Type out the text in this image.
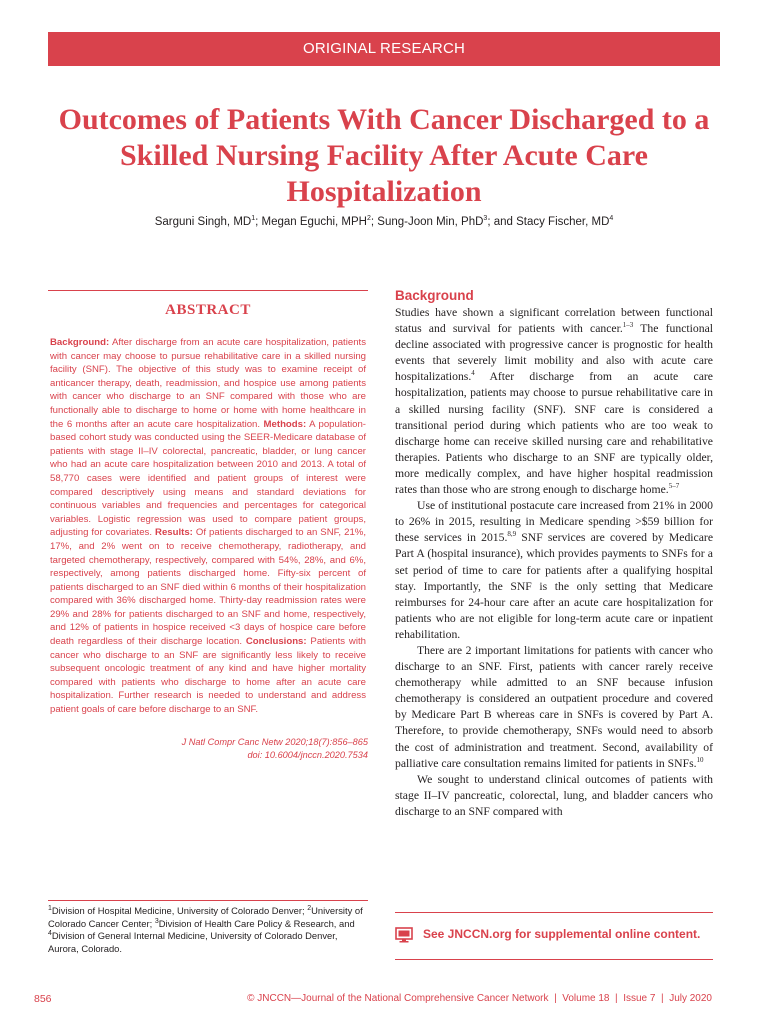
ORIGINAL RESEARCH
Outcomes of Patients With Cancer Discharged to a Skilled Nursing Facility After Acute Care Hospitalization
Sarguni Singh, $MD^1$; Megan Eguchi, MPH$^2$; Sung-Joon Min, PhD$^3$; and Stacy Fischer, $MD^4$
ABSTRACT
Background: After discharge from an acute care hospitalization, patients with cancer may choose to pursue rehabilitative care in a skilled nursing facility (SNF). The objective of this study was to examine receipt of anticancer therapy, death, readmission, and hospice use among patients with cancer who discharge to an SNF compared with those who are functionally able to discharge to home or home with home healthcare in the 6 months after an acute care hospitalization. Methods: A population-based cohort study was conducted using the SEER-Medicare database of patients with stage II–IV colorectal, pancreatic, bladder, or lung cancer who had an acute care hospitalization between 2010 and 2013. A total of 58,770 cases were identified and patient groups of interest were compared descriptively using means and standard deviations for continuous variables and frequencies and percentages for categorical variables. Logistic regression was used to compare patient groups, adjusting for covariates. Results: Of patients discharged to an SNF, 21%, 17%, and 2% went on to receive chemotherapy, radiotherapy, and targeted chemotherapy, respectively, compared with 54%, 28%, and 6%, respectively, among patients discharged home. Fifty-six percent of patients discharged to an SNF died within 6 months of their hospitalization compared with 36% discharged home. Thirty-day readmission rates were 29% and 28% for patients discharged to an SNF and home, respectively, and 12% of patients in hospice received <3 days of hospice care before death regardless of their discharge location. Conclusions: Patients with cancer who discharge to an SNF are significantly less likely to receive subsequent oncologic treatment of any kind and have higher mortality compared with patients who discharge to home after an acute care hospitalization. Further research is needed to understand and address patient goals of care before discharge to an SNF.
J Natl Compr Canc Netw 2020;18(7):856–865
doi: 10.6004/jnccn.2020.7534
$^1$Division of Hospital Medicine, University of Colorado Denver; $^2$University of Colorado Cancer Center; $^3$Division of Health Care Policy & Research, and $^4$Division of General Internal Medicine, University of Colorado Denver, Aurora, Colorado.
Background

Studies have shown a significant correlation between functional status and survival for patients with cancer.$^{1-3}$ The functional decline associated with progressive cancer is prognostic for health events that severely limit mobility and also with acute care hospitalizations.$^4$ After discharge from an acute care hospitalization, patients may choose to pursue rehabilitative care in a skilled nursing facility (SNF). SNF care is considered a transitional period during which patients who are too weak to discharge home can receive skilled nursing care and rehabilitative therapies. Patients who discharge to an SNF are typically older, more medically complex, and have higher hospital readmission rates than those who are strong enough to discharge home.$^{5-7}$

Use of institutional postacute care increased from 21% in 2000 to 26% in 2015, resulting in Medicare spending >$59 billion for these services in 2015.$^{8,9}$ SNF services are covered by Medicare Part A (hospital insurance), which provides payments to SNFs for a set period of time to care for patients after a qualifying hospital stay. Importantly, the SNF is the only setting that Medicare reimburses for 24-hour care after an acute care hospitalization for patients who are not eligible for long-term acute care or inpatient rehabilitation.

There are 2 important limitations for patients with cancer who discharge to an SNF. First, patients with cancer rarely receive chemotherapy while admitted to an SNF because infusion chemotherapy is considered an outpatient procedure and covered by Medicare Part B whereas care in SNFs is covered by Part A. Therefore, to provide chemotherapy, SNFs would need to absorb the cost of administration and treatment. Second, availability of palliative care consultation remains limited for patients in SNFs.$^{10}$

We sought to understand clinical outcomes of patients with stage II–IV pancreatic, colorectal, lung, and bladder cancers who discharge to an SNF compared with

See JNCCN.org for supplemental online content.
856	© JNCCN—Journal of the National Comprehensive Cancer Network  |  Volume 18  |  Issue 7  |  July 2020
